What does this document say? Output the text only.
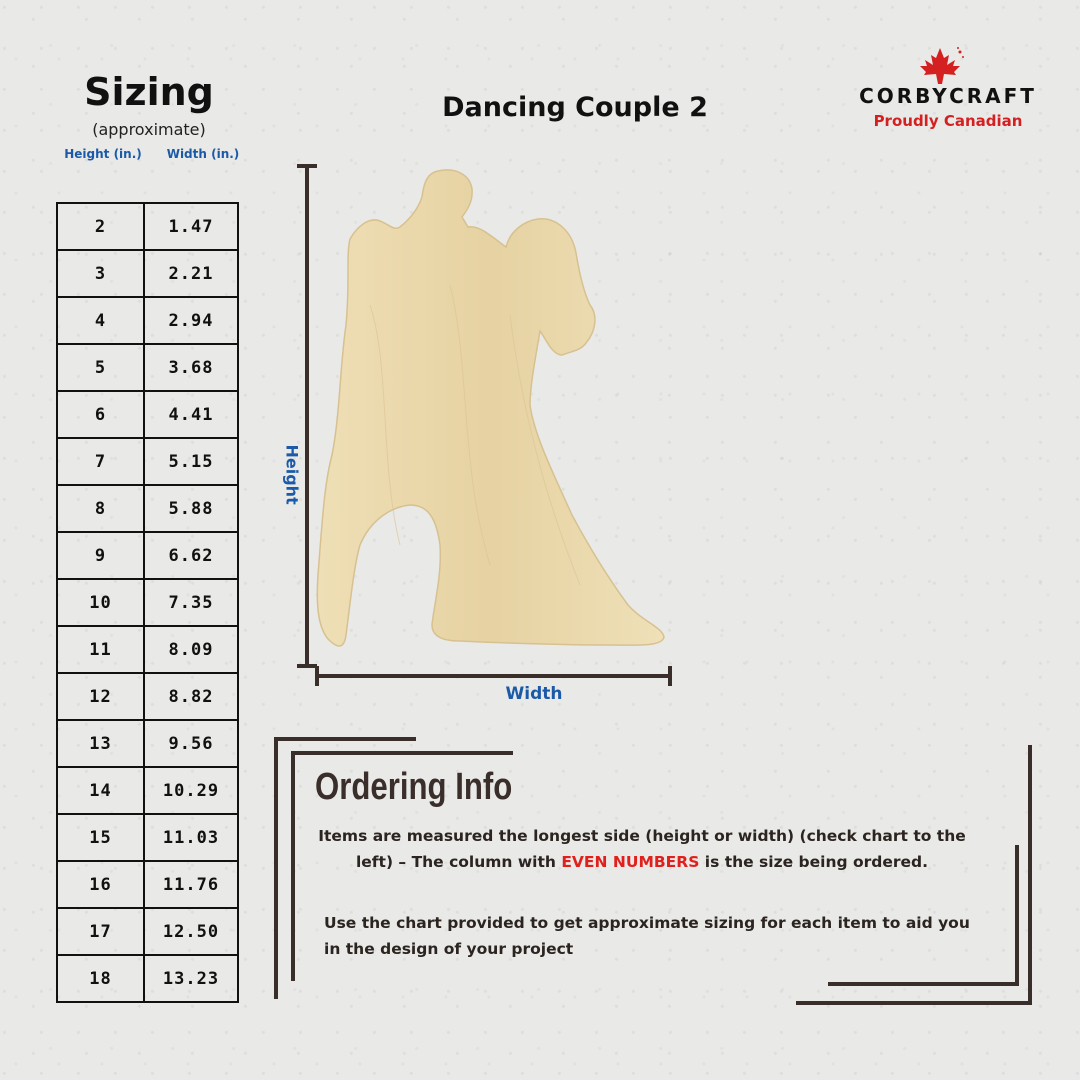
Sizing
(approximate)
Height (in.)	Width (in.)
2	1.47
3	2.21
4	2.94
5	3.68
6	4.41
7	5.15
8	5.88
9	6.62
10	7.35
11	8.09
12	8.82
13	9.56
14	10.29
15	11.03
16	11.76
17	12.50
18	13.23
Dancing Couple 2	CORBYCRAFT
Proudly Canadian
Height
Width
Ordering Info
Items are measured the longest side (height or width) (check chart to the left) – The column with EVEN NUMBERS is the size being ordered.
Use the chart provided to get approximate sizing for each item to aid you in the design of your project
